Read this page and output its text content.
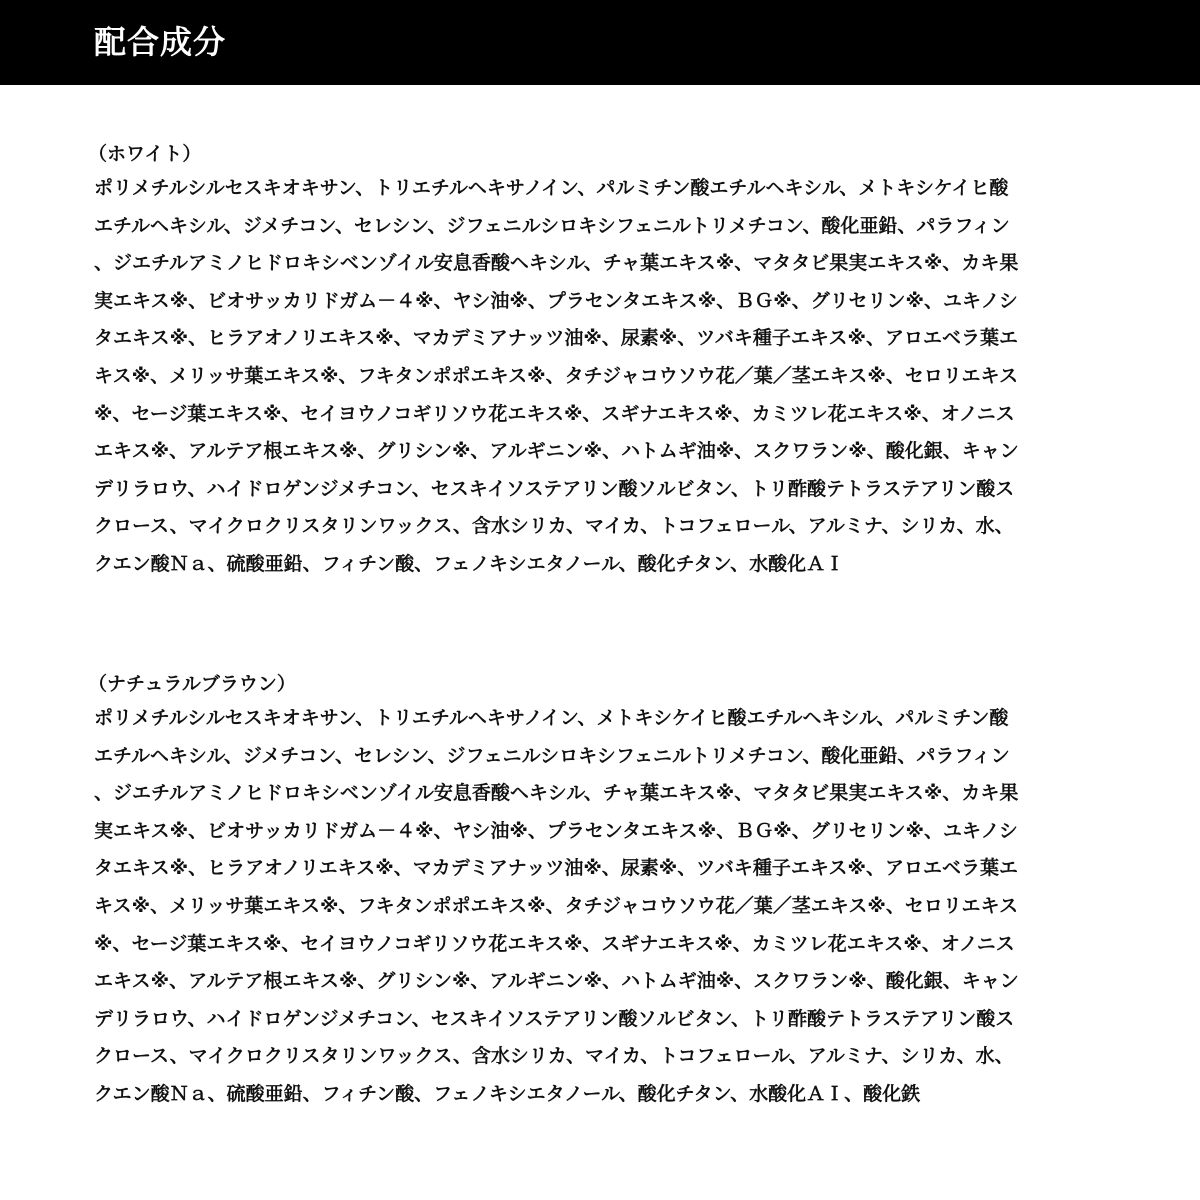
配合成分
（ホワイト）
ポリメチルシルセスキオキサン、トリエチルヘキサノイン、パルミチン酸エチルヘキシル、メトキシケイヒ酸
エチルヘキシル、ジメチコン、セレシン、ジフェニルシロキシフェニルトリメチコン、酸化亜鉛、パラフィン
、ジエチルアミノヒドロキシベンゾイル安息香酸ヘキシル、チャ葉エキス※、マタタビ果実エキス※、カキ果
実エキス※、ビオサッカリドガム－４※、ヤシ油※、プラセンタエキス※、ＢＧ※、グリセリン※、ユキノシ
タエキス※、ヒラアオノリエキス※、マカデミアナッツ油※、尿素※、ツバキ種子エキス※、アロエベラ葉エ
キス※、メリッサ葉エキス※、フキタンポポエキス※、タチジャコウソウ花／葉／茎エキス※、セロリエキス
※、セージ葉エキス※、セイヨウノコギリソウ花エキス※、スギナエキス※、カミツレ花エキス※、オノニス
エキス※、アルテア根エキス※、グリシン※、アルギニン※、ハトムギ油※、スクワラン※、酸化銀、キャン
デリラロウ、ハイドロゲンジメチコン、セスキイソステアリン酸ソルビタン、トリ酢酸テトラステアリン酸ス
クロース、マイクロクリスタリンワックス、含水シリカ、マイカ、トコフェロール、アルミナ、シリカ、水、
クエン酸Ｎａ、硫酸亜鉛、フィチン酸、フェノキシエタノール、酸化チタン、水酸化ＡＩ
（ナチュラルブラウン）
ポリメチルシルセスキオキサン、トリエチルヘキサノイン、メトキシケイヒ酸エチルヘキシル、パルミチン酸
エチルヘキシル、ジメチコン、セレシン、ジフェニルシロキシフェニルトリメチコン、酸化亜鉛、パラフィン
、ジエチルアミノヒドロキシベンゾイル安息香酸ヘキシル、チャ葉エキス※、マタタビ果実エキス※、カキ果
実エキス※、ビオサッカリドガム－４※、ヤシ油※、プラセンタエキス※、ＢＧ※、グリセリン※、ユキノシ
タエキス※、ヒラアオノリエキス※、マカデミアナッツ油※、尿素※、ツバキ種子エキス※、アロエベラ葉エ
キス※、メリッサ葉エキス※、フキタンポポエキス※、タチジャコウソウ花／葉／茎エキス※、セロリエキス
※、セージ葉エキス※、セイヨウノコギリソウ花エキス※、スギナエキス※、カミツレ花エキス※、オノニス
エキス※、アルテア根エキス※、グリシン※、アルギニン※、ハトムギ油※、スクワラン※、酸化銀、キャン
デリラロウ、ハイドロゲンジメチコン、セスキイソステアリン酸ソルビタン、トリ酢酸テトラステアリン酸ス
クロース、マイクロクリスタリンワックス、含水シリカ、マイカ、トコフェロール、アルミナ、シリカ、水、
クエン酸Ｎａ、硫酸亜鉛、フィチン酸、フェノキシエタノール、酸化チタン、水酸化ＡＩ、酸化鉄
